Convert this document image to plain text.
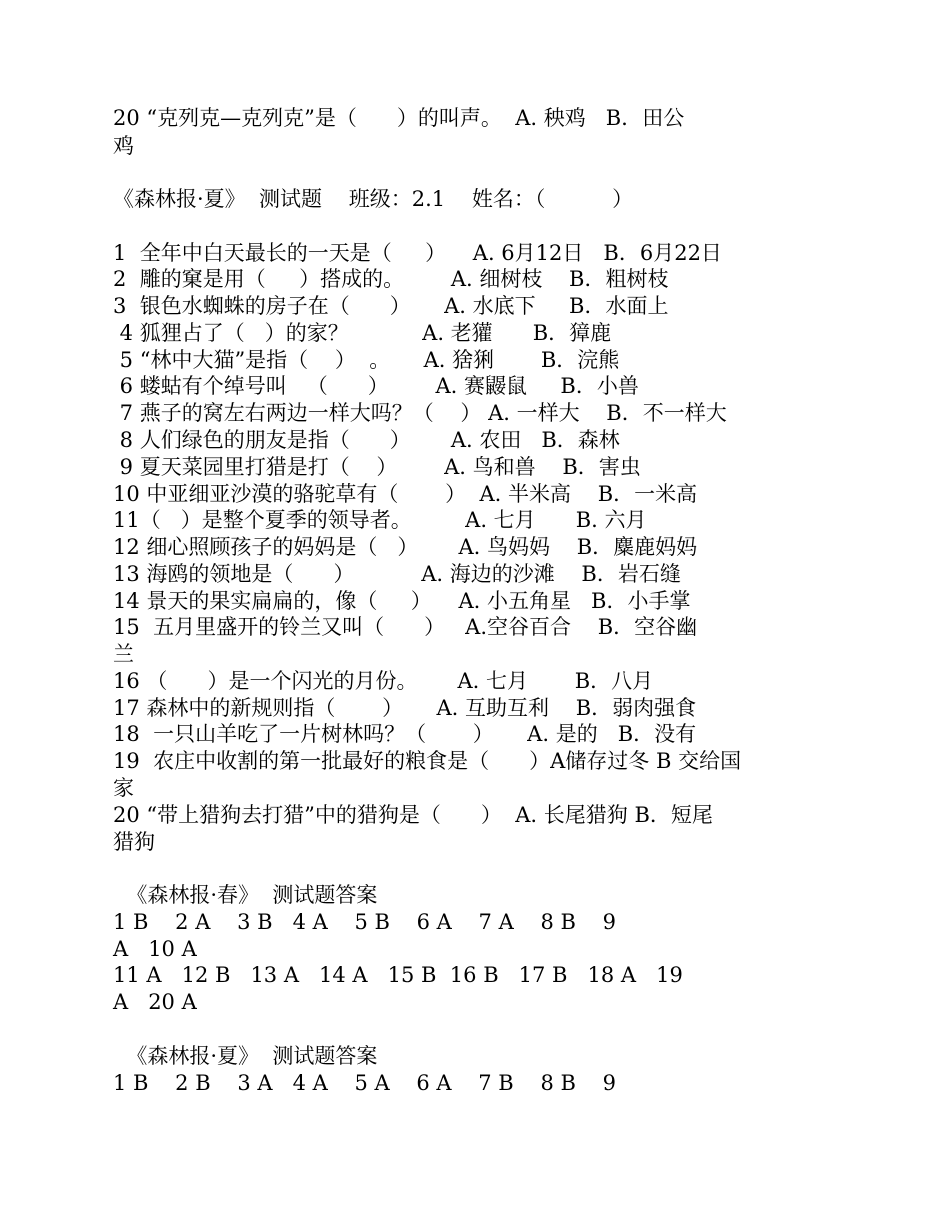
20 “克列克—克列克”是（      ）的叫声。  A. 秧鸡   B．田公
鸡
《森林报·夏》  测试题    班级：2.1    姓名：（          ）
1  全年中白天最长的一天是（     ）    A. 6月12日   B．6月22日
2  雕的窠是用（     ）搭成的。       A. 细树枝    B．粗树枝
3  银色水蜘蛛的房子在（      ）     A. 水底下     B．水面上
4 狐狸占了（   ）的家？           A. 老獾      B．獐鹿
5 “林中大猫”是指（    ）  。     A. 猞猁       B．浣熊
6 蝼蛄有个绰号叫   （      ）       A. 赛鼹鼠     B．小兽
7 燕子的窝左右两边一样大吗？（    ） A. 一样大    B．不一样大
8 人们绿色的朋友是指（      ）      A. 农田   B．森林
9 夏天菜园里打猎是打（    ）       A. 鸟和兽    B．害虫
10 中亚细亚沙漠的骆驼草有（       ）  A. 半米高    B．一米高
11（   ）是整个夏季的领导者。        A. 七月      B. 六月
12 细心照顾孩子的妈妈是（   ）      A. 鸟妈妈    B．麋鹿妈妈
13 海鸥的领地是（      ）          A. 海边的沙滩    B．岩石缝
14 景天的果实扁扁的，像（     ）    A. 小五角星   B．小手掌
15  五月里盛开的铃兰又叫（      ）   A.空谷百合    B．空谷幽
兰
16 （      ）是一个闪光的月份。      A. 七月       B．八月
17 森林中的新规则指（       ）     A. 互助互利    B．弱肉强食
18  一只山羊吃了一片树林吗？（       ）     A. 是的   B．没有
19  农庄中收割的第一批最好的粮食是（      ）A储存过冬 B 交给国
家
20 “带上猎狗去打猎”中的猎狗是（      ）  A. 长尾猎狗 B．短尾
猎狗
《森林报·春》  测试题答案
1 B    2 A    3 B   4 A    5 B    6 A    7 A    8 B    9
A   10 A
11 A   12 B   13 A   14 A   15 B  16 B   17 B   18 A   19
A   20 A
《森林报·夏》  测试题答案
1 B    2 B    3 A   4 A    5 A    6 A    7 B    8 B    9
